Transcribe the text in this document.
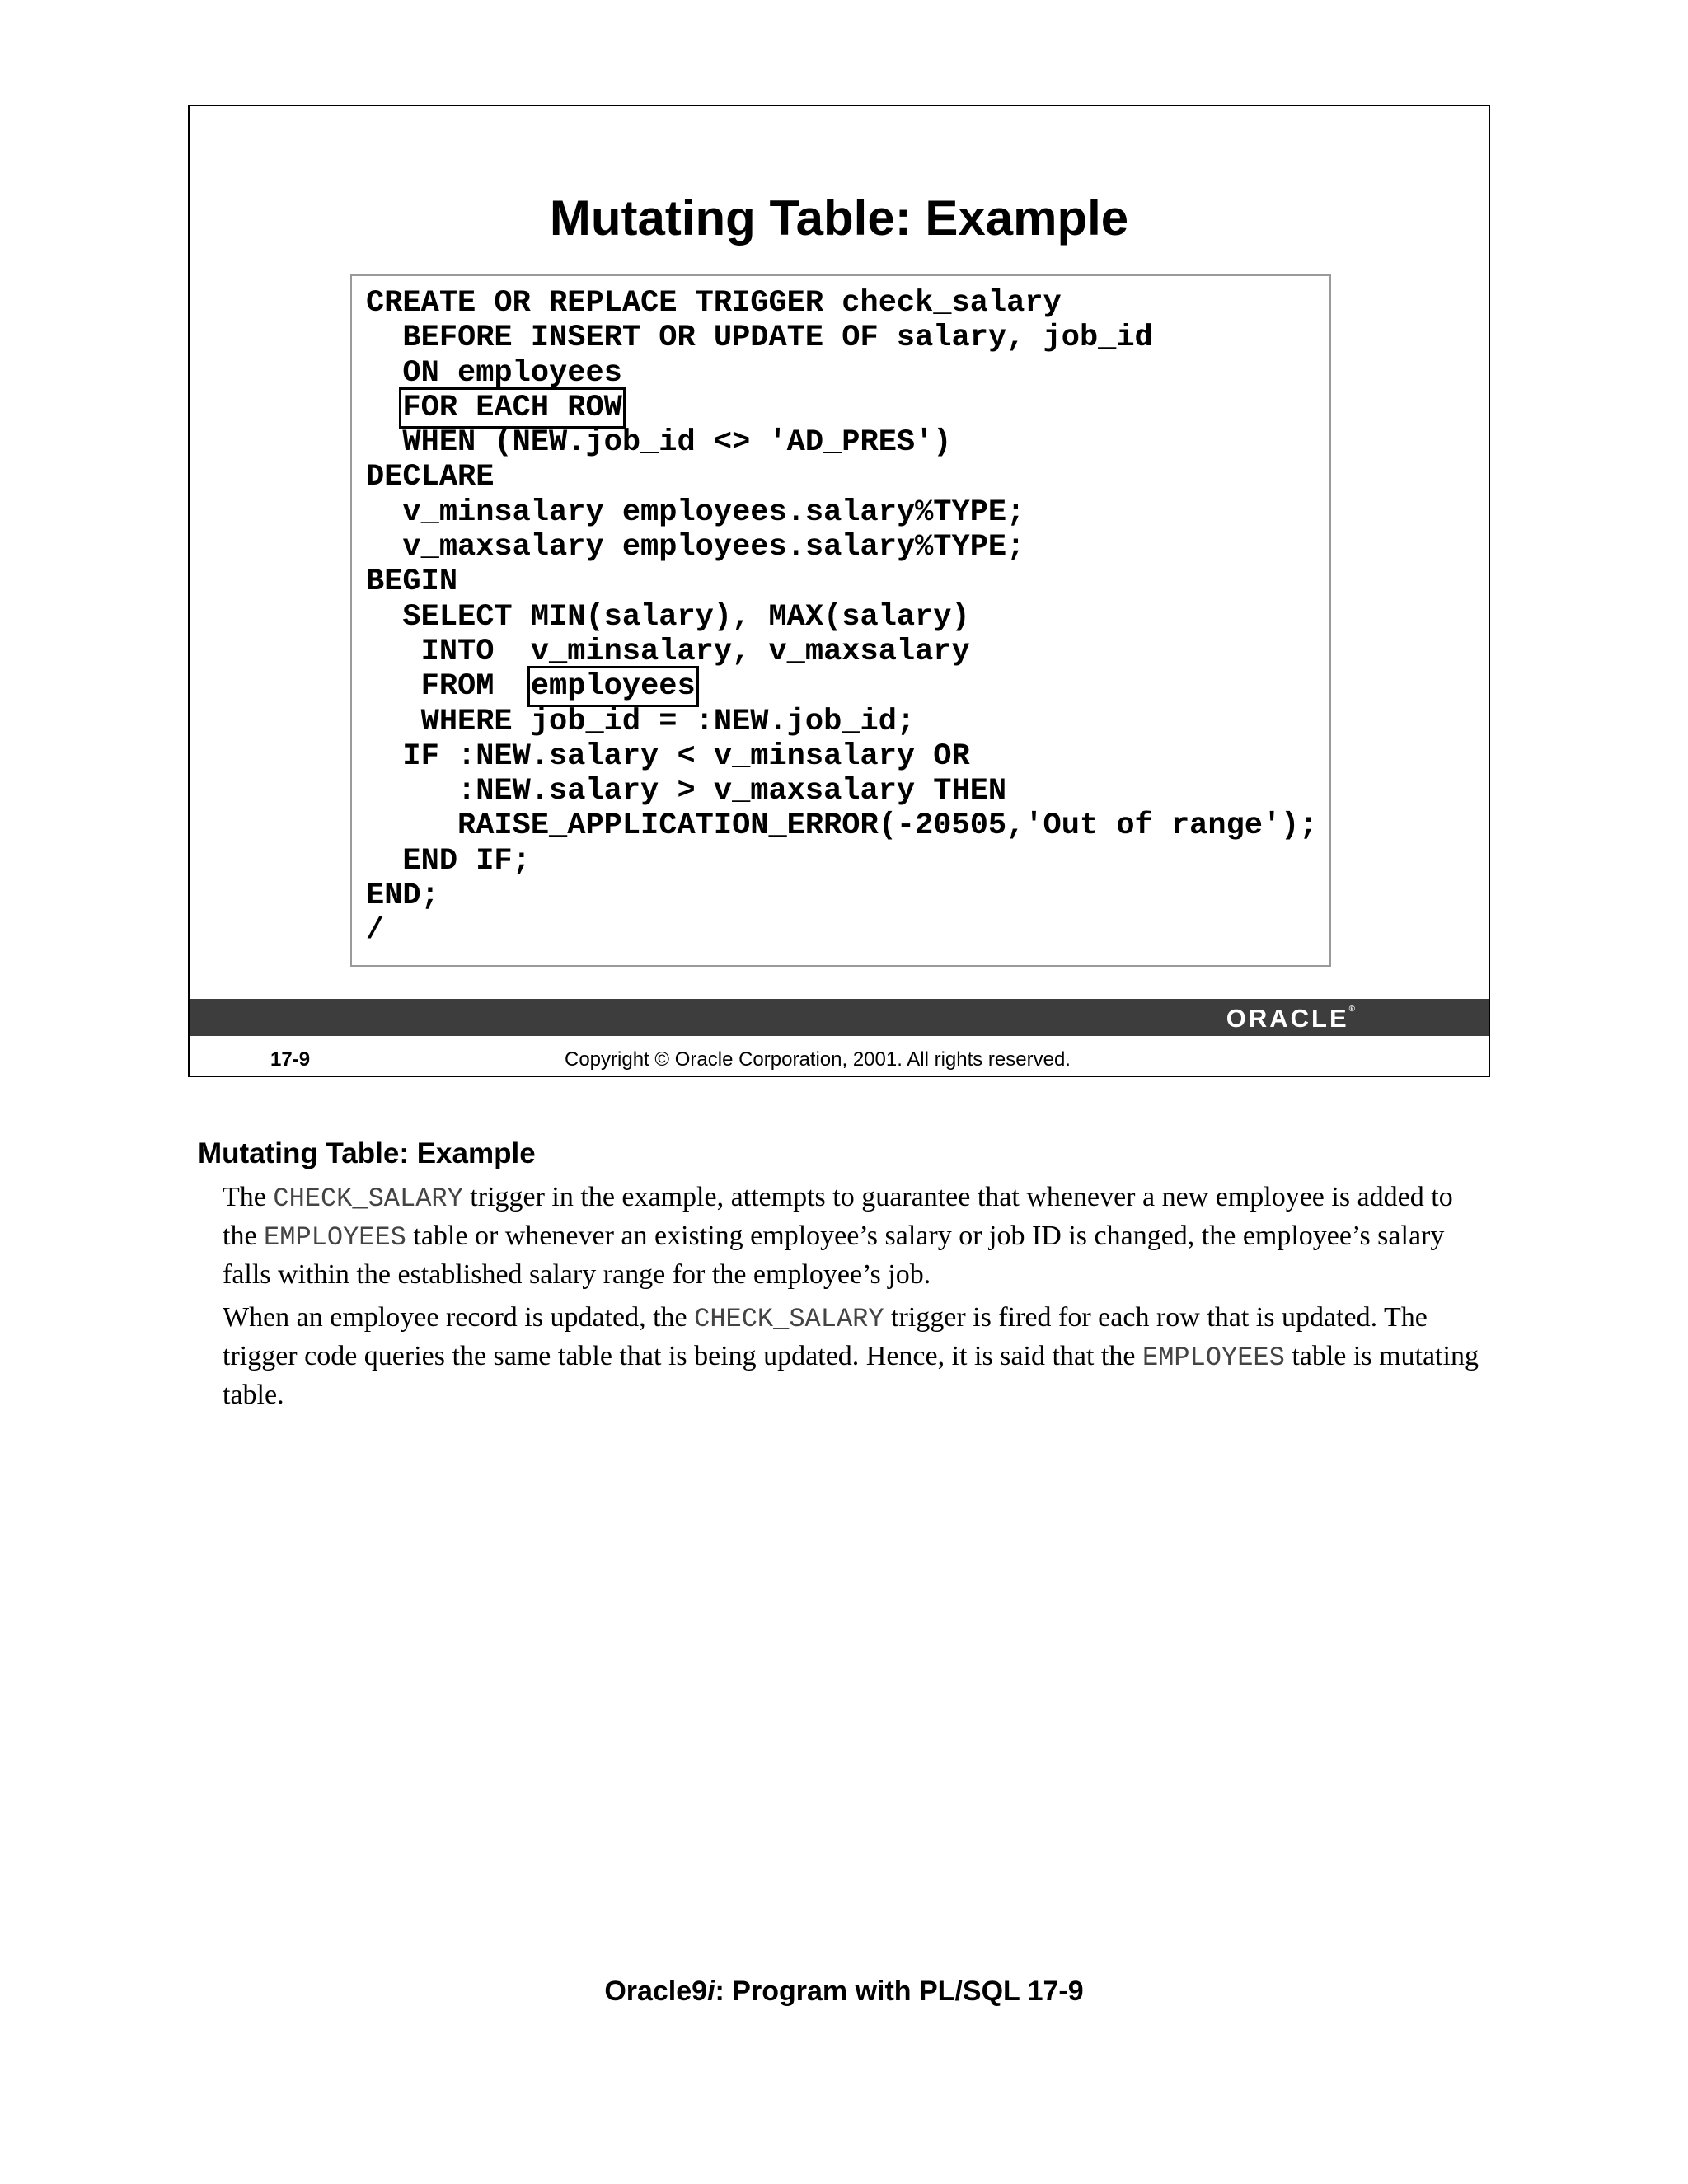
Mutating Table: Example
CREATE OR REPLACE TRIGGER check_salary
BEFORE INSERT OR UPDATE OF salary, job_id
ON employees
FOR EACH ROW
WHEN (NEW.job_id <> 'AD_PRES')
DECLARE
v_minsalary employees.salary%TYPE;
v_maxsalary employees.salary%TYPE;
BEGIN
SELECT MIN(salary), MAX(salary)
INTO  v_minsalary, v_maxsalary
FROM  employees
WHERE job_id = :NEW.job_id;
IF :NEW.salary < v_minsalary OR
:NEW.salary > v_maxsalary THEN
RAISE_APPLICATION_ERROR(-20505,'Out of range');
END IF;
END;
/
ORACLE®
17-9	Copyright © Oracle Corporation, 2001. All rights reserved.
Mutating Table: Example

The CHECK_SALARY trigger in the example, attempts to guarantee that whenever a new employee is added to the EMPLOYEES table or whenever an existing employee’s salary or job ID is changed, the employee’s salary falls within the established salary range for the employee’s job.

When an employee record is updated, the CHECK_SALARY trigger is fired for each row that is updated. The trigger code queries the same table that is being updated. Hence, it is said that the EMPLOYEES table is mutating table.

Oracle9i: Program with PL/SQL 17-9
